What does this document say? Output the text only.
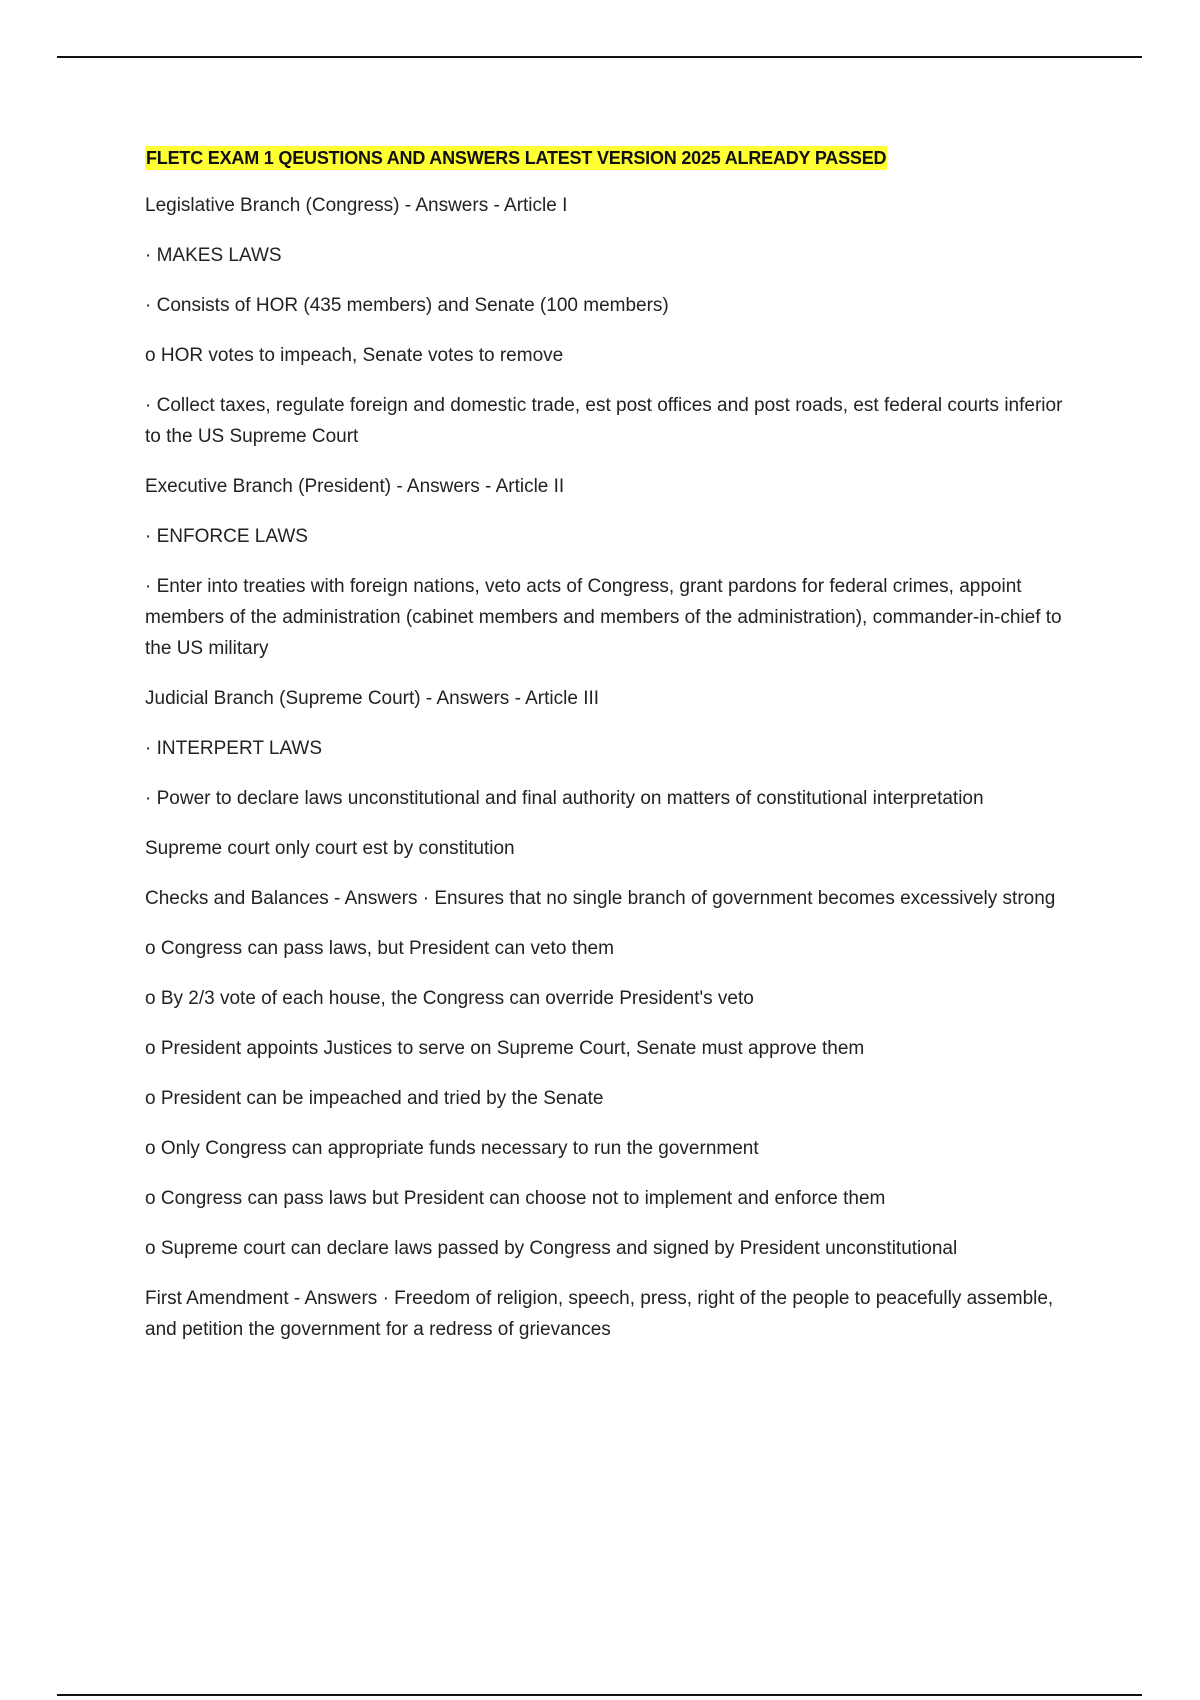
FLETC EXAM 1 QEUSTIONS AND ANSWERS LATEST VERSION 2025 ALREADY PASSED

Legislative Branch (Congress) - Answers - Article I

· MAKES LAWS

· Consists of HOR (435 members) and Senate (100 members)

o HOR votes to impeach, Senate votes to remove

· Collect taxes, regulate foreign and domestic trade, est post offices and post roads, est federal courts inferior to the US Supreme Court

Executive Branch (President) - Answers - Article II

· ENFORCE LAWS

· Enter into treaties with foreign nations, veto acts of Congress, grant pardons for federal crimes, appoint members of the administration (cabinet members and members of the administration), commander-in-chief to the US military

Judicial Branch (Supreme Court) - Answers - Article III

· INTERPERT LAWS

· Power to declare laws unconstitutional and final authority on matters of constitutional interpretation

Supreme court only court est by constitution

Checks and Balances - Answers · Ensures that no single branch of government becomes excessively strong

o Congress can pass laws, but President can veto them

o By 2/3 vote of each house, the Congress can override President's veto

o President appoints Justices to serve on Supreme Court, Senate must approve them

o President can be impeached and tried by the Senate

o Only Congress can appropriate funds necessary to run the government

o Congress can pass laws but President can choose not to implement and enforce them

o Supreme court can declare laws passed by Congress and signed by President unconstitutional

First Amendment - Answers · Freedom of religion, speech, press, right of the people to peacefully assemble, and petition the government for a redress of grievances
